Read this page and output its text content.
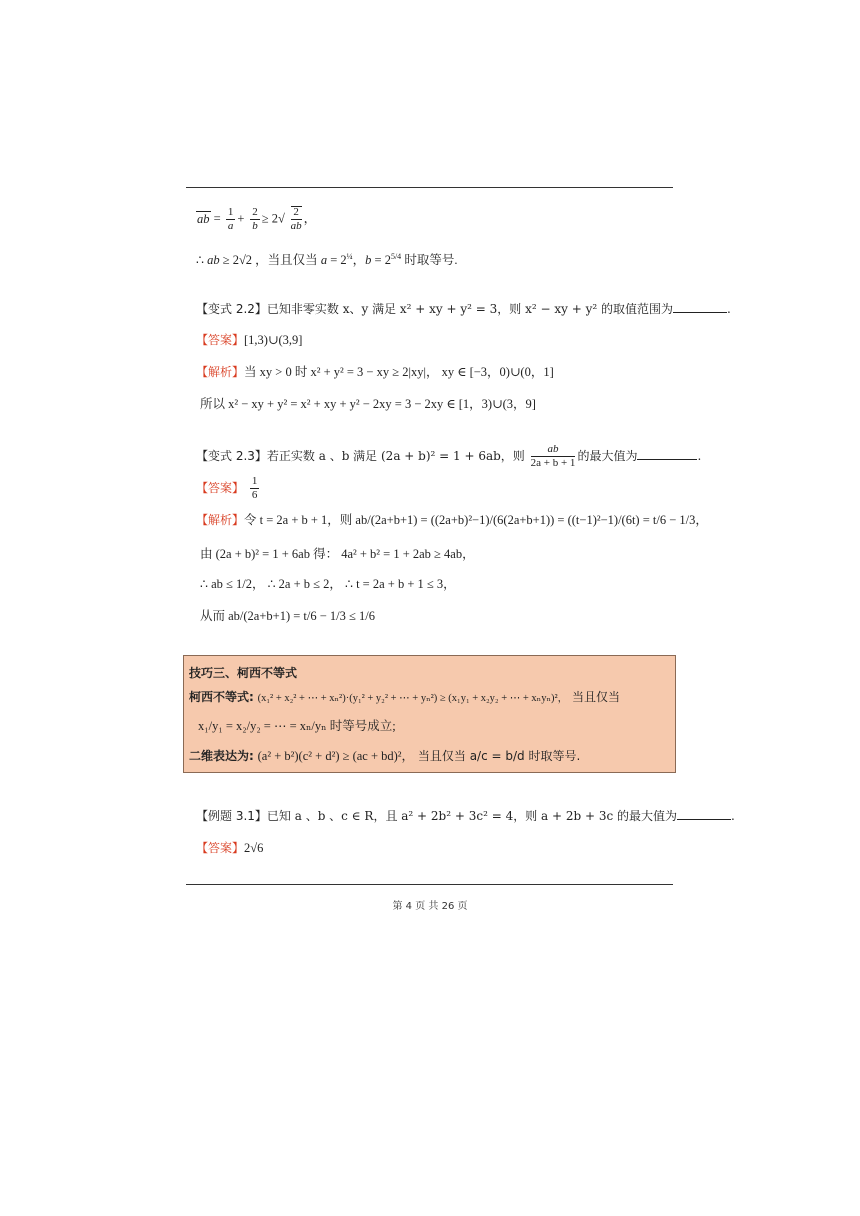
ab = $\frac{1}{a} + \frac{2}{b} \ge 2√ \frac{2}{ab}$ ，
∴ ab ≥ 2√2 ，当且仅当 $a = 2^{\frac{1}{4}}$，$b = 2^{5/4}$ 时取等号.
【变式 2.2】已知非零实数 x、y 满足 x² + xy + y² = 3，则 x² − xy + y² 的取值范围为	.
【答案】[1,3)∪(3,9]
【解析】当 xy > 0 时 x² + y² = 3 − xy ≥ 2|xy|， xy ∈ [−3，0)∪(0，1]
所以 x² − xy + y² = x² + xy + y² − 2xy = 3 − 2xy ∈ [1，3)∪(3，9]
【变式 2.3】若正实数 a 、b 满足 (2a + b)² = 1 + 6ab，则 $\frac{ab}{2a + b + 1}$ 的最大值为	.
【答案】 $\frac{1}{6}$
【解析】令 t = 2a + b + 1，则 ab/(2a+b+1) = ((2a+b)²−1)/(6(2a+b+1)) = ((t−1)²−1)/(6t) = t/6 − 1/3，
由 (2a + b)² = 1 + 6ab 得： 4a² + b² = 1 + 2ab ≥ 4ab，
∴ ab ≤ 1/2， ∴ 2a + b ≤ 2， ∴ t = 2a + b + 1 ≤ 3，
从而 ab/(2a+b+1) = t/6 − 1/3 ≤ 1/6
技巧三、柯西不等式
柯西不等式: (x₁² + x₂² + ⋯ + xₙ²)·(y₁² + y₂² + ⋯ + yₙ²) ≥ (x₁y₁ + x₂y₂ + ⋯ + xₙyₙ)²， 当且仅当
x₁/y₁ = x₂/y₂ = ⋯ = xₙ/yₙ 时等号成立;
二维表达为: (a² + b²)(c² + d²) ≥ (ac + bd)²， 当且仅当 a/c = b/d 时取等号.
【例题 3.1】已知 a 、b 、c ∈ R，且 a² + 2b² + 3c² = 4，则 a + 2b + 3c 的最大值为	.
【答案】2√6
第 4 页 共 26 页
